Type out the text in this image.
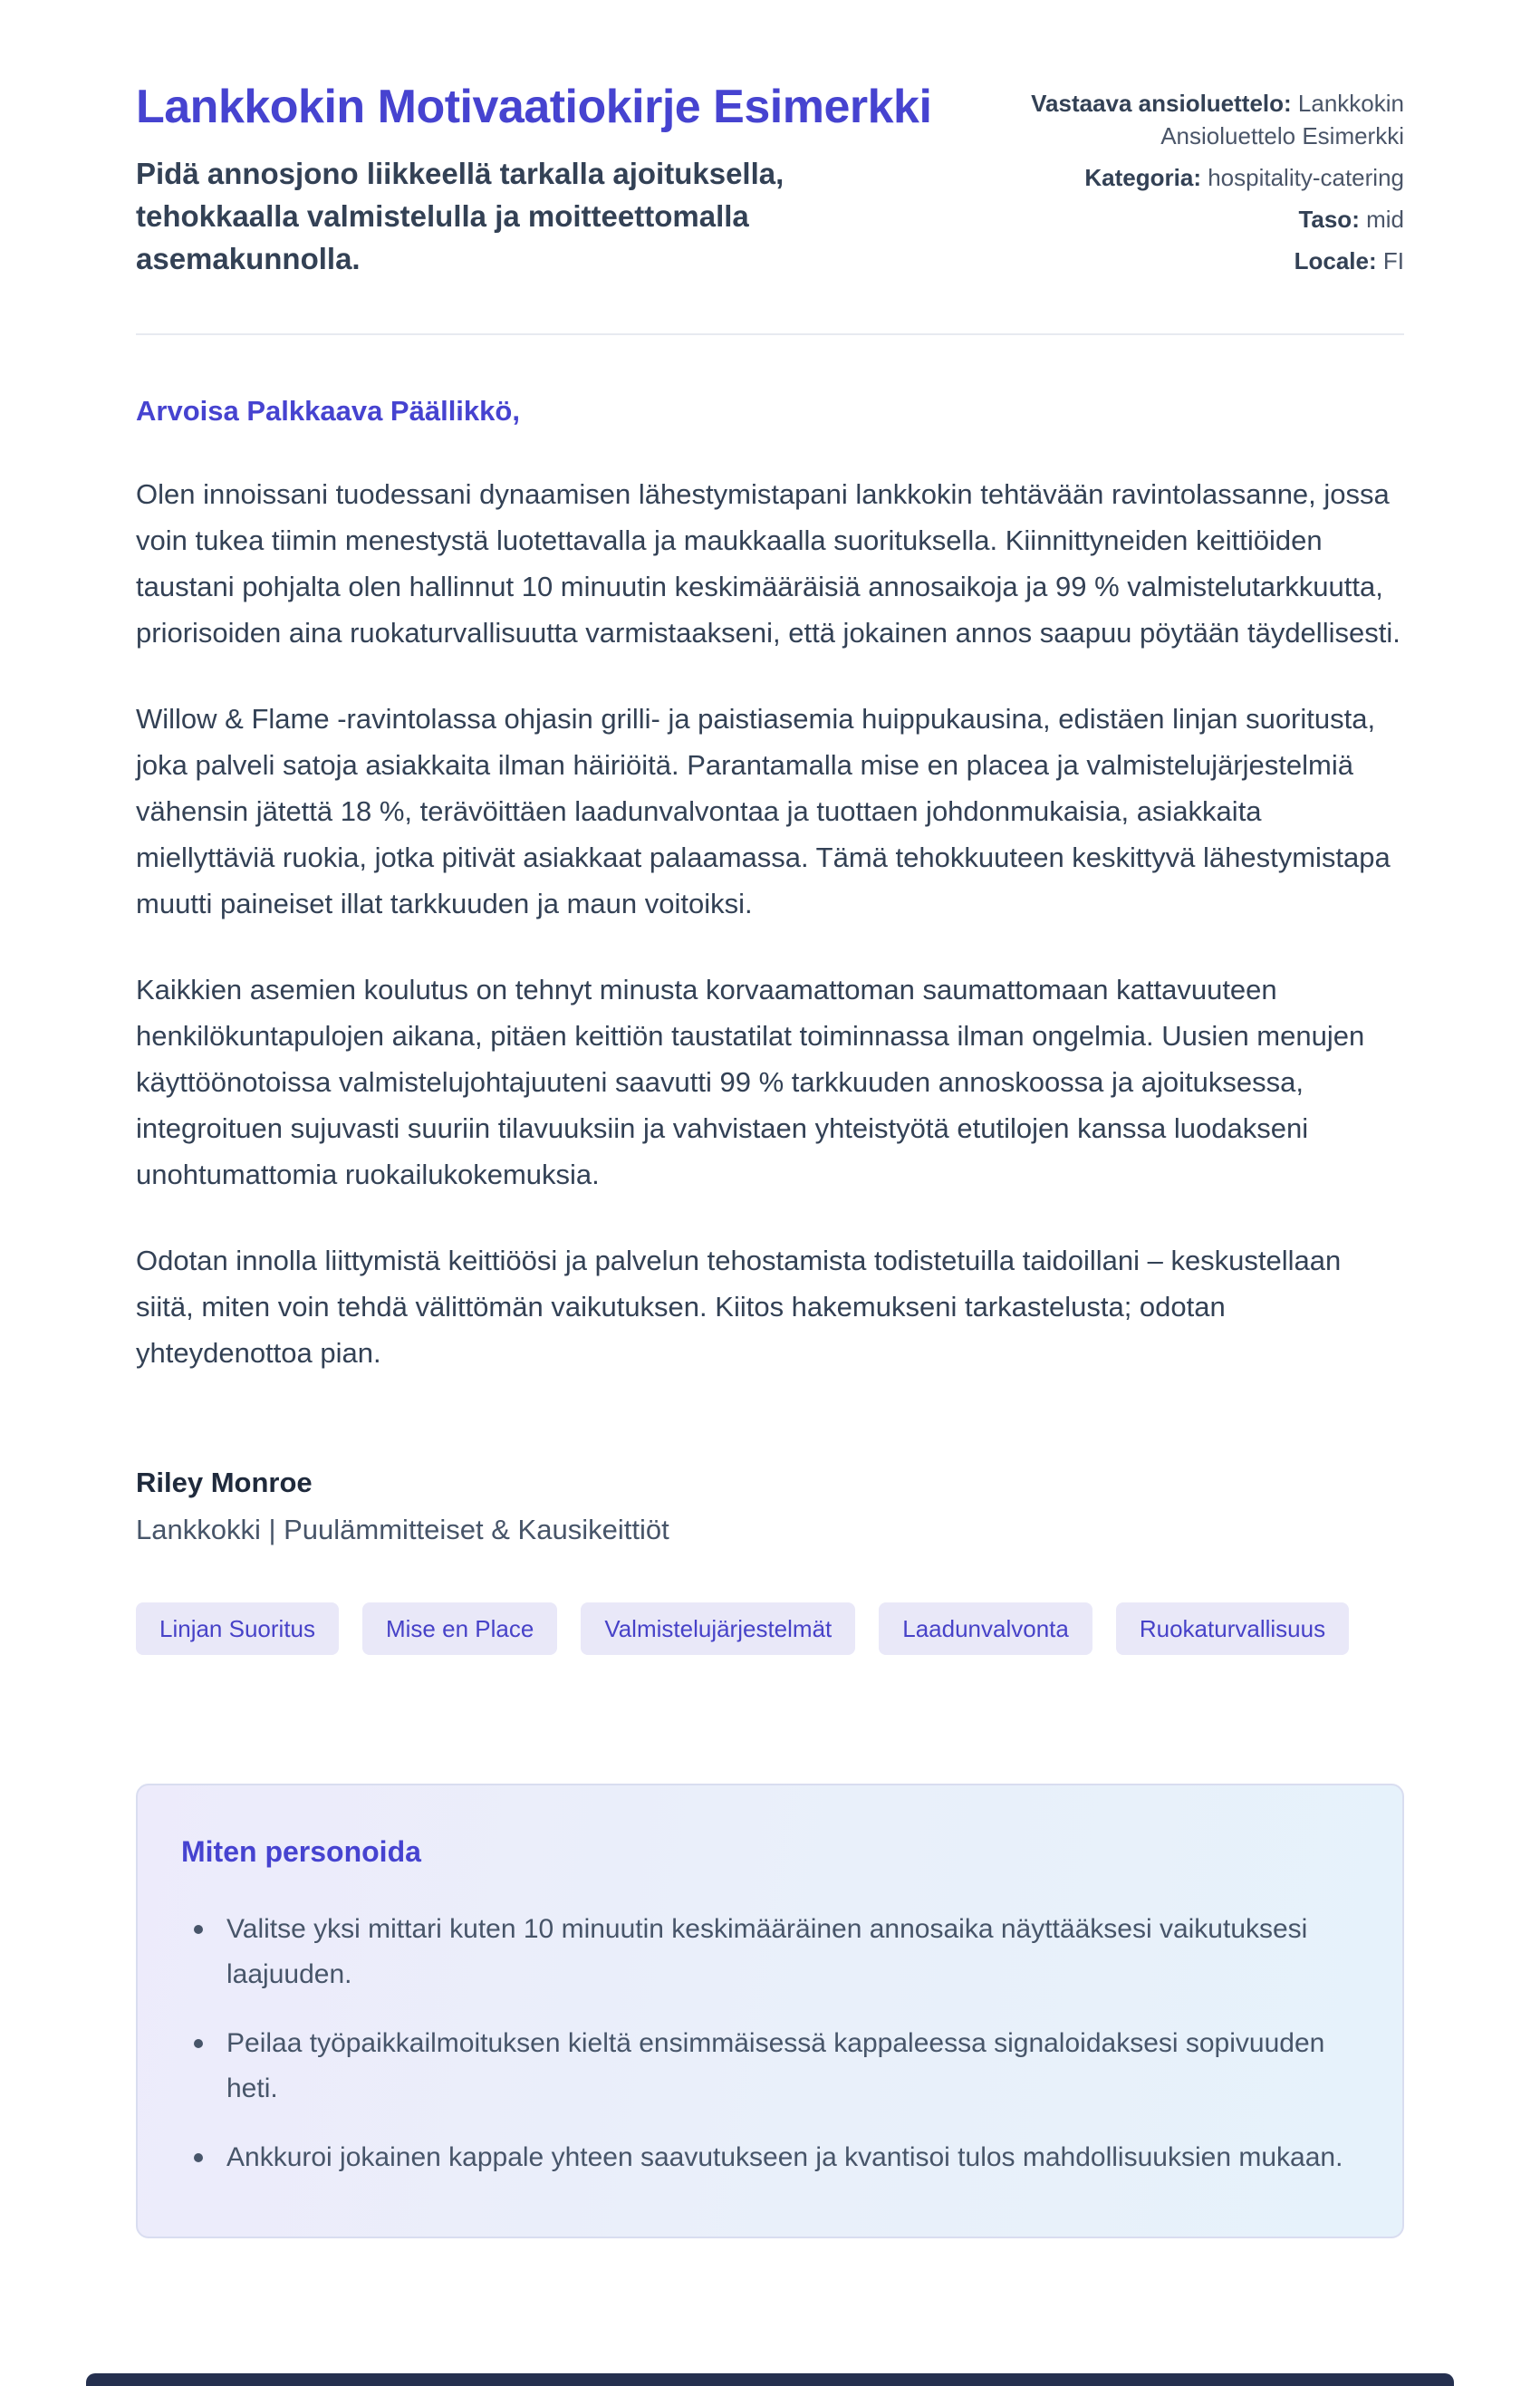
Lankkokin Motivaatiokirje Esimerkki

Pidä annosjono liikkeellä tarkalla ajoituksella, tehokkaalla valmistelulla ja moitteettomalla asemakunnolla.

Vastaava ansioluettelo: Lankkokin Ansioluettelo Esimerkki
Kategoria: hospitality-catering
Taso: mid
Locale: FI

Arvoisa Palkkaava Päällikkö,

Olen innoissani tuodessani dynaamisen lähestymistapani lankkokin tehtävään ravintolassanne, jossa voin tukea tiimin menestystä luotettavalla ja maukkaalla suorituksella. Kiinnittyneiden keittiöiden taustani pohjalta olen hallinnut 10 minuutin keskimääräisiä annosaikoja ja 99 % valmistelutarkkuutta, priorisoiden aina ruokaturvallisuutta varmistaakseni, että jokainen annos saapuu pöytään täydellisesti.

Willow & Flame -ravintolassa ohjasin grilli- ja paistiasemia huippukausina, edistäen linjan suoritusta, joka palveli satoja asiakkaita ilman häiriöitä. Parantamalla mise en placea ja valmistelujärjestelmiä vähensin jätettä 18 %, terävöittäen laadunvalvontaa ja tuottaen johdonmukaisia, asiakkaita miellyttäviä ruokia, jotka pitivät asiakkaat palaamassa. Tämä tehokkuuteen keskittyvä lähestymistapa muutti paineiset illat tarkkuuden ja maun voitoiksi.

Kaikkien asemien koulutus on tehnyt minusta korvaamattoman saumattomaan kattavuuteen henkilökuntapulojen aikana, pitäen keittiön taustatilat toiminnassa ilman ongelmia. Uusien menujen käyttöönotoissa valmistelujohtajuuteni saavutti 99 % tarkkuuden annoskoossa ja ajoituksessa, integroituen sujuvasti suuriin tilavuuksiin ja vahvistaen yhteistyötä etutilojen kanssa luodakseni unohtumattomia ruokailukokemuksia.

Odotan innolla liittymistä keittiöösi ja palvelun tehostamista todistetuilla taidoillani – keskustellaan siitä, miten voin tehdä välittömän vaikutuksen. Kiitos hakemukseni tarkastelusta; odotan yhteydenottoa pian.

Riley Monroe

Lankkokki | Puulämmitteiset & Kausikeittiöt

Linjan Suoritus	Mise en Place	Valmistelujärjestelmät	Laadunvalvonta	Ruokaturvallisuus
Miten personoida
Valitse yksi mittari kuten 10 minuutin keskimääräinen annosaika näyttääksesi vaikutuksesi laajuuden.
Peilaa työpaikkailmoituksen kieltä ensimmäisessä kappaleessa signaloidaksesi sopivuuden heti.
Ankkuroi jokainen kappale yhteen saavutukseen ja kvantisoi tulos mahdollisuuksien mukaan.
